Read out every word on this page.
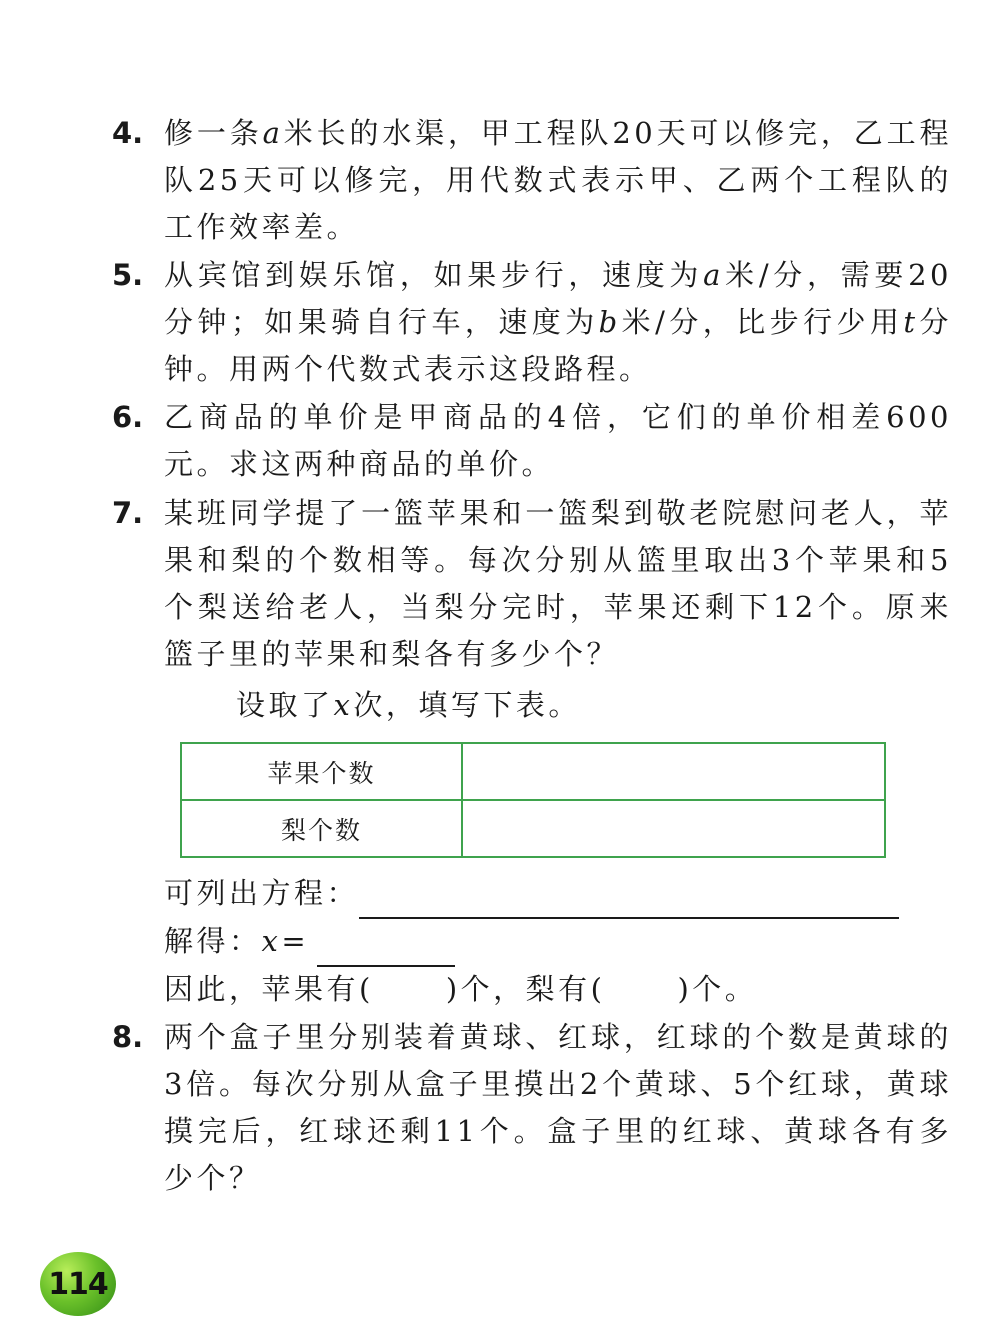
4. 修一条a米长的水渠，甲工程队20天可以修完，乙工程队25天可以修完，用代数式表示甲、乙两个工程队的工作效率差。
5. 从宾馆到娱乐馆，如果步行，速度为a米/分，需要20分钟；如果骑自行车，速度为b米/分，比步行少用t分钟。用两个代数式表示这段路程。
6. 乙商品的单价是甲商品的4倍，它们的单价相差600元。求这两种商品的单价。
7. 某班同学提了一篮苹果和一篮梨到敬老院慰问老人，苹果和梨的个数相等。每次分别从篮里取出3个苹果和5个梨送给老人，当梨分完时，苹果还剩下12个。原来篮子里的苹果和梨各有多少个？
设取了x次，填写下表。
苹果个数	
梨个数	
可列出方程：
解得：x=
因此，苹果有( )个，梨有( )个。
8. 两个盒子里分别装着黄球、红球，红球的个数是黄球的3倍。每次分别从盒子里摸出2个黄球、5个红球，黄球摸完后，红球还剩11个。盒子里的红球、黄球各有多少个？
114
